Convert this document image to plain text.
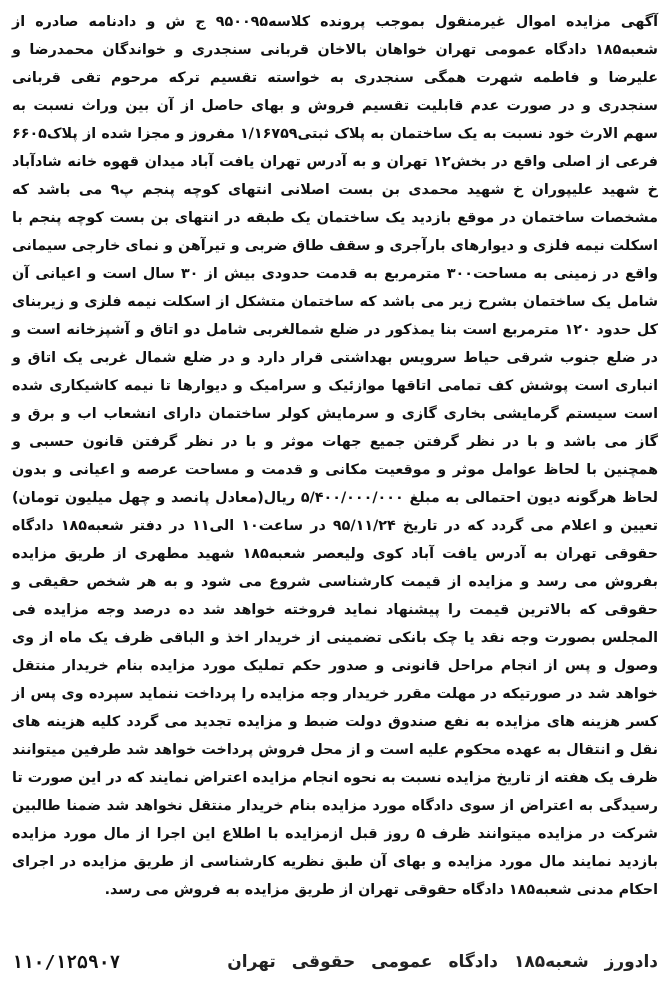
آگهی مزایده اموال غیرمنقول بموجب پرونده کلاسه۹۵۰۰۹۵ ج ش و دادنامه صادره از شعبه۱۸۵ دادگاه عمومی تهران خواهان بالاخان قربانی سنجدری و خواندگان محمدرضا و علیرضا و فاطمه شهرت همگی سنجدری به خواسته تقسیم ترکه مرحوم تقی قربانی سنجدری و در صورت عدم قابلیت تقسیم فروش و بهای حاصل از آن بین وراث نسبت به سهم الارث خود نسبت به یک ساختمان به پلاک ثبتی۱/۱۶۷۵۹ مفروز و مجزا شده از پلاک۶۶۰۵ فرعی از اصلی واقع در بخش۱۲ تهران و به آدرس تهران یافت آباد میدان قهوه خانه شادآباد خ شهید علیپوران خ شهید محمدی بن بست اصلانی انتهای کوچه پنجم پ۹ می باشد که مشخصات ساختمان در موقع بازدید یک ساختمان یک طبقه در انتهای بن بست کوچه پنجم با اسکلت نیمه فلزی و دیوارهای بارآجری و سقف طاق ضربی و تیرآهن و نمای خارجی سیمانی واقع در زمینی به مساحت۳۰۰ مترمربع به قدمت حدودی بیش از ۳۰ سال است و اعیانی آن شامل یک ساختمان بشرح زیر می باشد که ساختمان متشکل از اسکلت نیمه فلزی و زیربنای کل حدود ۱۲۰ مترمربع است بنا یمذکور در ضلع شمالغربی شامل دو اتاق و آشپزخانه است و در ضلع جنوب شرقی حیاط سرویس بهداشتی قرار دارد و در ضلع شمال غربی یک اتاق و انباری است پوشش کف تمامی اتاقها موازئیک و سرامیک و دیوارها تا نیمه کاشیکاری شده است سیستم گرمایشی بخاری گازی و سرمایش کولر ساختمان دارای انشعاب اب و برق و گاز می باشد و با در نظر گرفتن جمیع جهات موثر و با در نظر گرفتن قانون حسبی و همچنین با لحاظ عوامل موثر و موقعیت مکانی و قدمت و مساحت عرصه و اعیانی و بدون لحاظ هرگونه دیون احتمالی به مبلغ ۵/۴۰۰/۰۰۰/۰۰۰ ریال(معادل پانصد و چهل میلیون تومان) تعیین و اعلام می گردد که در تاریخ ۹۵/۱۱/۲۴ در ساعت۱۰ الی۱۱ در دفتر شعبه۱۸۵ دادگاه حقوقی تهران به آدرس یافت آباد کوی ولیعصر شعبه۱۸۵ شهید مطهری از طریق مزایده بفروش می رسد و مزایده از قیمت کارشناسی شروع می شود و به هر شخص حقیقی و حقوقی که بالاترین قیمت را پیشنهاد نماید فروخته خواهد شد ده درصد وجه مزایده فی المجلس بصورت وجه نقد یا چک بانکی تضمینی از خریدار اخذ و الباقی ظرف یک ماه از وی وصول و پس از انجام مراحل قانونی و صدور حکم تملیک مورد مزایده بنام خریدار منتقل خواهد شد در صورتیکه در مهلت مقرر خریدار وجه مزایده را پرداخت ننماید سپرده وی پس از کسر هزینه های مزایده به نفع صندوق دولت ضبط و مزایده تجدید می گردد کلیه هزینه های نقل و انتقال به عهده محکوم علیه است و از محل فروش پرداخت خواهد شد طرفین میتوانند ظرف یک هفته از تاریخ مزایده نسبت به نحوه انجام مزایده اعتراض نمایند که در این صورت تا رسیدگی به اعتراض از سوی دادگاه مورد مزایده بنام خریدار منتقل نخواهد شد ضمنا طالبین شرکت در مزایده میتوانند ظرف ۵ روز قبل ازمزایده با اطلاع این اجرا از مال مورد مزایده بازدید نمایند مال مورد مزایده و بهای آن طبق نظریه کارشناسی از طریق مزایده در اجرای احکام مدنی شعبه۱۸۵ دادگاه حقوقی تهران از طریق مزایده به فروش می رسد.

دادورز شعبه۱۸۵ دادگاه عمومی حقوقی تهران
۱۱۰/۱۲۵۹۰۷
